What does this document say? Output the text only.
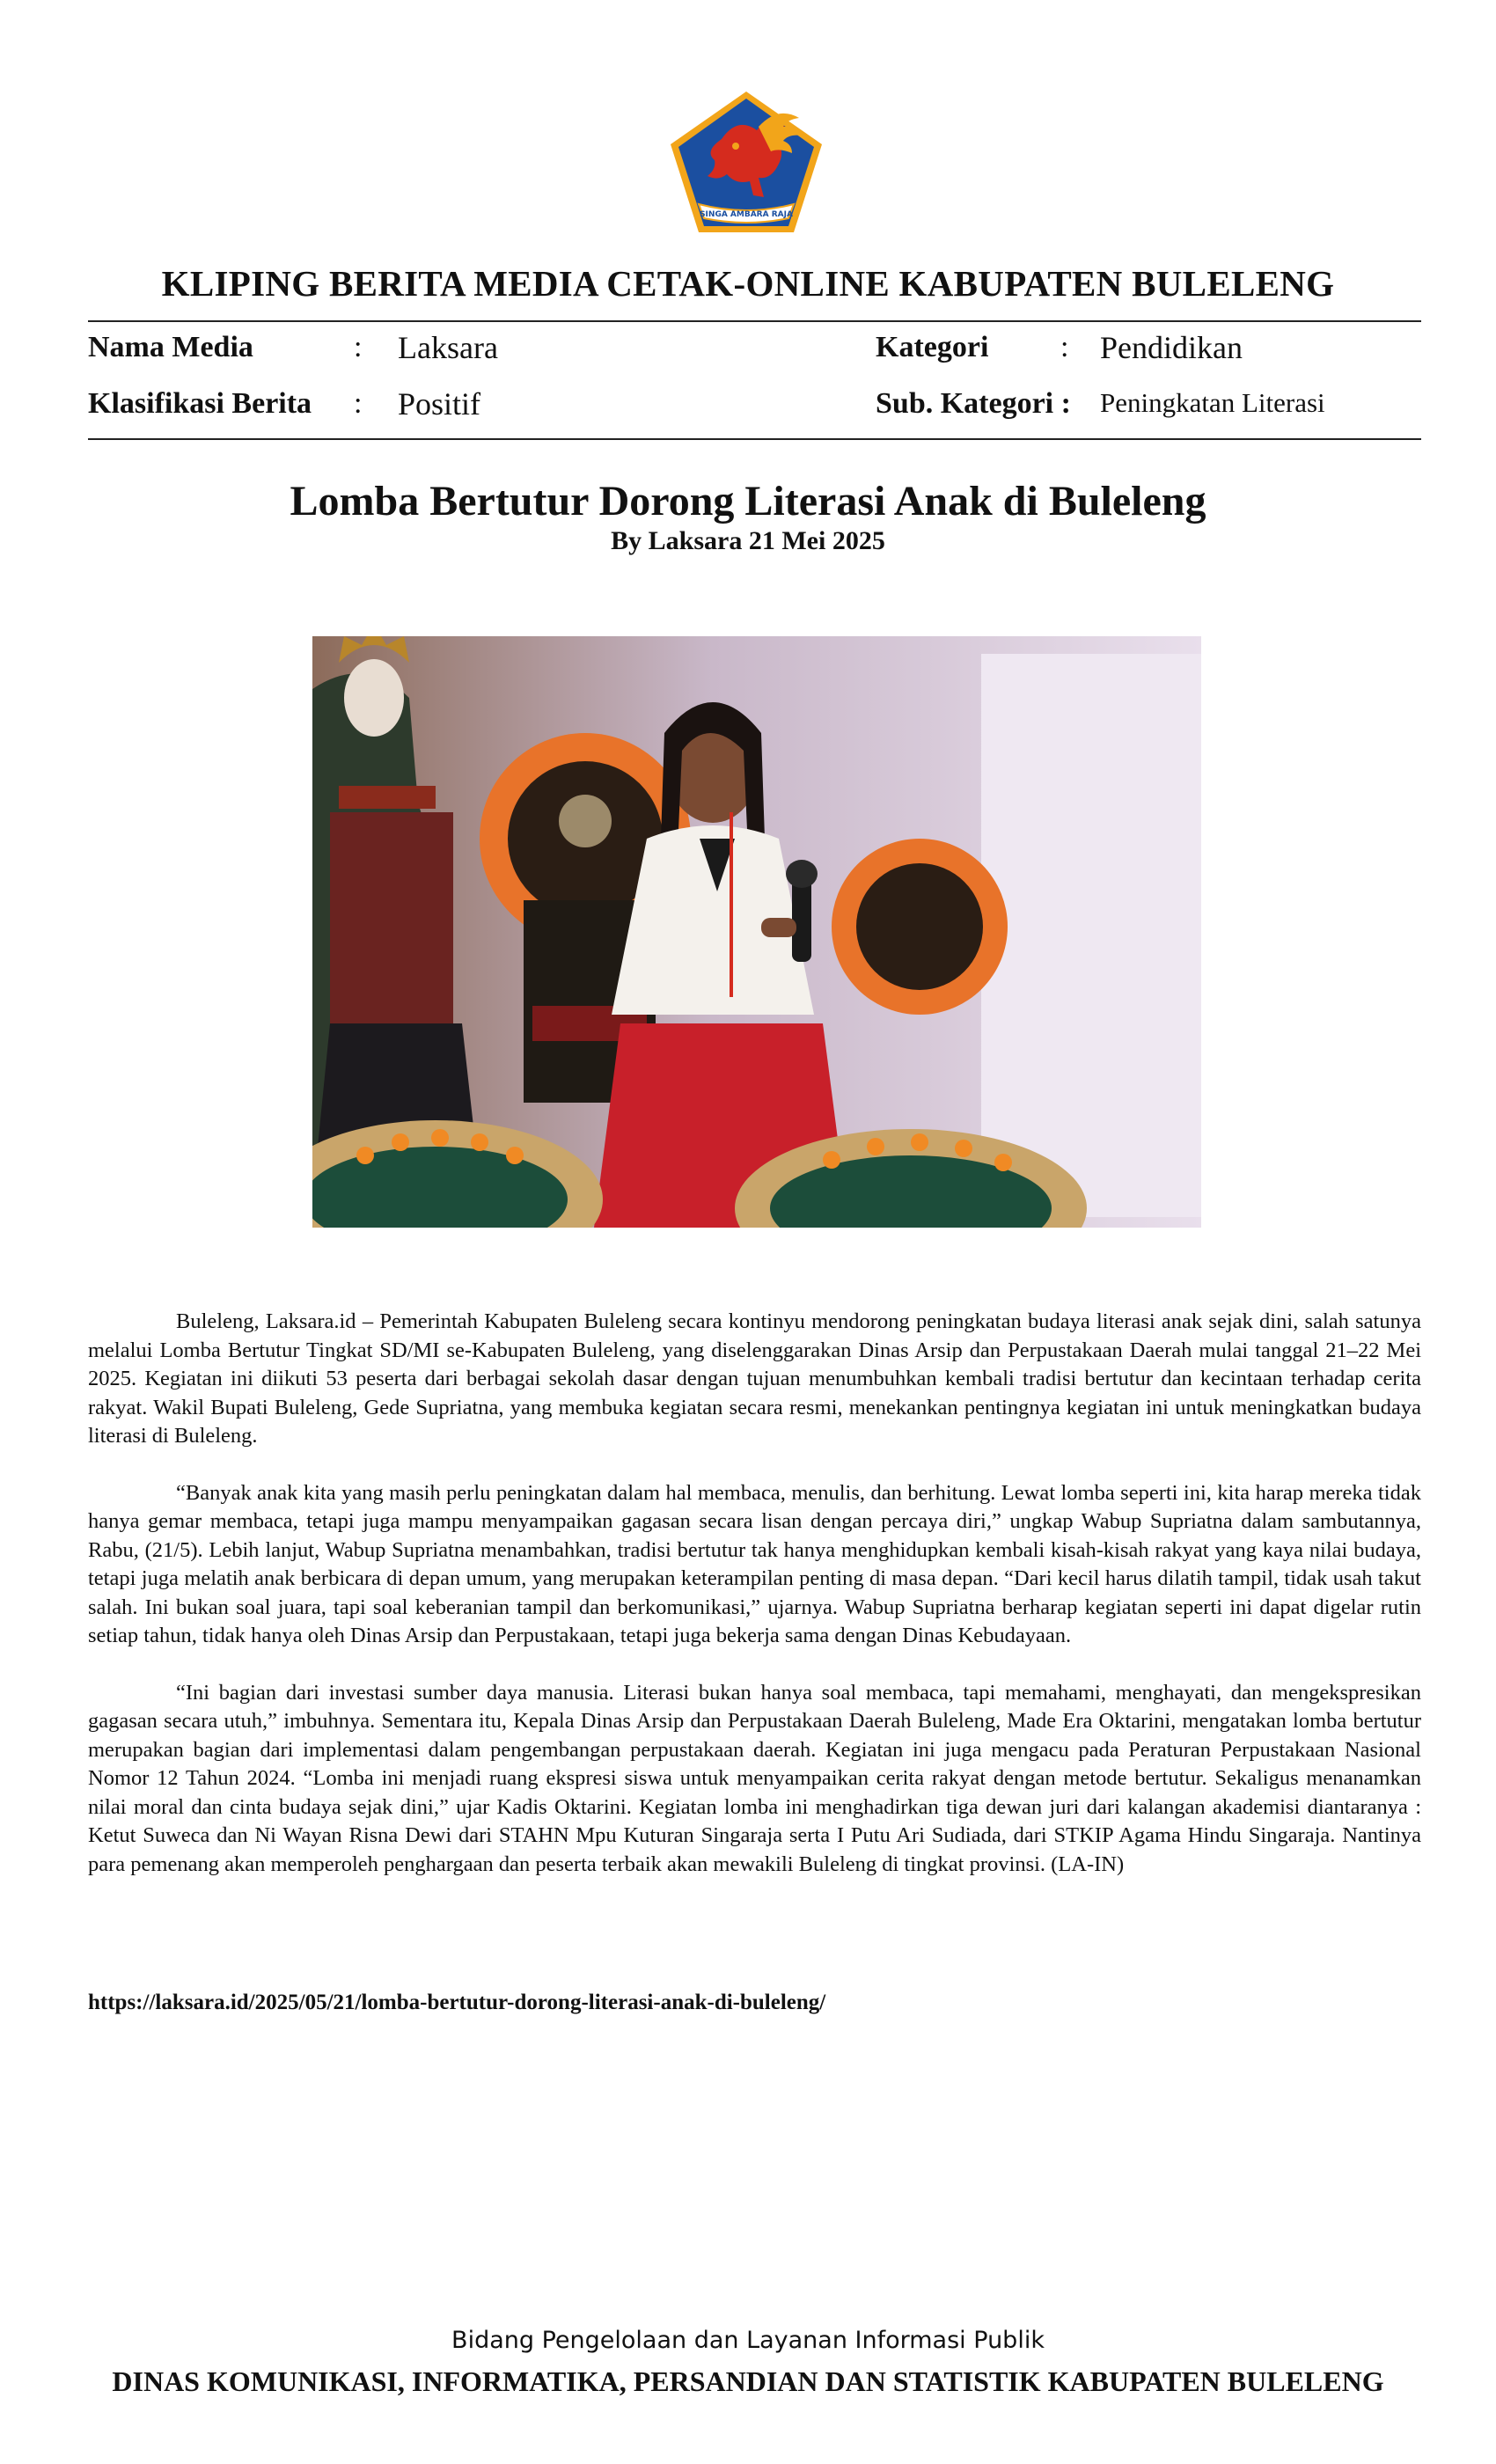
SINGA AMBARA RAJA
KLIPING BERITA MEDIA CETAK-ONLINE KABUPATEN BULELENG
Nama Media	: Laksara	Kategori : Pendidikan
Klasifikasi Berita : Positif	Sub. Kategori : Peningkatan Literasi
Lomba Bertutur Dorong Literasi Anak di Buleleng
By Laksara 21 Mei 2025

Buleleng, Laksara.id – Pemerintah Kabupaten Buleleng secara kontinyu mendorong peningkatan budaya literasi anak sejak dini, salah satunya melalui Lomba Bertutur Tingkat SD/MI se-Kabupaten Buleleng, yang diselenggarakan Dinas Arsip dan Perpustakaan Daerah mulai tanggal 21–22 Mei 2025. Kegiatan ini diikuti 53 peserta dari berbagai sekolah dasar dengan tujuan menumbuhkan kembali tradisi bertutur dan kecintaan terhadap cerita rakyat. Wakil Bupati Buleleng, Gede Supriatna, yang membuka kegiatan secara resmi, menekankan pentingnya kegiatan ini untuk meningkatkan budaya literasi di Buleleng.

“Banyak anak kita yang masih perlu peningkatan dalam hal membaca, menulis, dan berhitung. Lewat lomba seperti ini, kita harap mereka tidak hanya gemar membaca, tetapi juga mampu menyampaikan gagasan secara lisan dengan percaya diri,” ungkap Wabup Supriatna dalam sambutannya, Rabu, (21/5). Lebih lanjut, Wabup Supriatna menambahkan, tradisi bertutur tak hanya menghidupkan kembali kisah-kisah rakyat yang kaya nilai budaya, tetapi juga melatih anak berbicara di depan umum, yang merupakan keterampilan penting di masa depan. “Dari kecil harus dilatih tampil, tidak usah takut salah. Ini bukan soal juara, tapi soal keberanian tampil dan berkomunikasi,” ujarnya. Wabup Supriatna berharap kegiatan seperti ini dapat digelar rutin setiap tahun, tidak hanya oleh Dinas Arsip dan Perpustakaan, tetapi juga bekerja sama dengan Dinas Kebudayaan.

“Ini bagian dari investasi sumber daya manusia. Literasi bukan hanya soal membaca, tapi memahami, menghayati, dan mengekspresikan gagasan secara utuh,” imbuhnya. Sementara itu, Kepala Dinas Arsip dan Perpustakaan Daerah Buleleng, Made Era Oktarini, mengatakan lomba bertutur merupakan bagian dari implementasi dalam pengembangan perpustakaan daerah. Kegiatan ini juga mengacu pada Peraturan Perpustakaan Nasional Nomor 12 Tahun 2024. “Lomba ini menjadi ruang ekspresi siswa untuk menyampaikan cerita rakyat dengan metode bertutur. Sekaligus menanamkan nilai moral dan cinta budaya sejak dini,” ujar Kadis Oktarini. Kegiatan lomba ini menghadirkan tiga dewan juri dari kalangan akademisi diantaranya : Ketut Suweca dan Ni Wayan Risna Dewi dari STAHN Mpu Kuturan Singaraja serta I Putu Ari Sudiada, dari STKIP Agama Hindu Singaraja. Nantinya para pemenang akan memperoleh penghargaan dan peserta terbaik akan mewakili Buleleng di tingkat provinsi. (LA-IN)

https://laksara.id/2025/05/21/lomba-bertutur-dorong-literasi-anak-di-buleleng/
Bidang Pengelolaan dan Layanan Informasi Publik
DINAS KOMUNIKASI, INFORMATIKA, PERSANDIAN DAN STATISTIK KABUPATEN BULELENG
